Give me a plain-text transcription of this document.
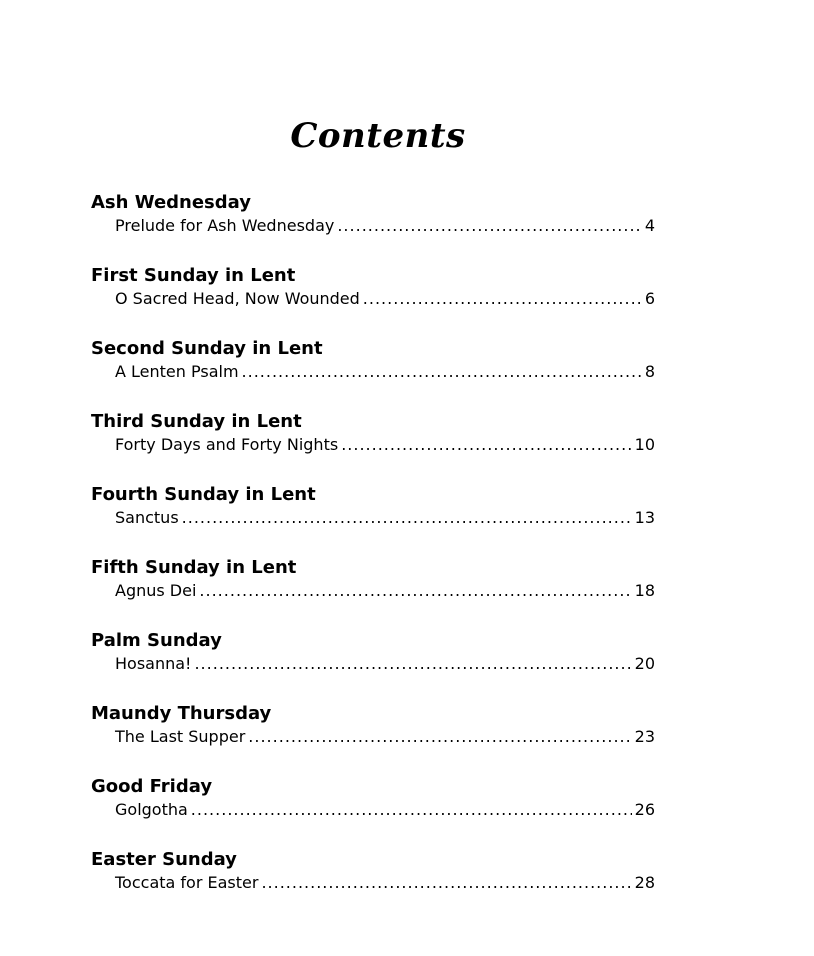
Contents
Ash Wednesday
Prelude for Ash Wednesday .....	4
First Sunday in Lent
O Sacred Head, Now Wounded .....	6
Second Sunday in Lent
A Lenten Psalm .....	8
Third Sunday in Lent
Forty Days and Forty Nights .....	10
Fourth Sunday in Lent
Sanctus .....	13
Fifth Sunday in Lent
Agnus Dei .....	18
Palm Sunday
Hosanna! .....	20
Maundy Thursday
The Last Supper .....	23
Good Friday
Golgotha .....	26
Easter Sunday
Toccata for Easter .....	28
